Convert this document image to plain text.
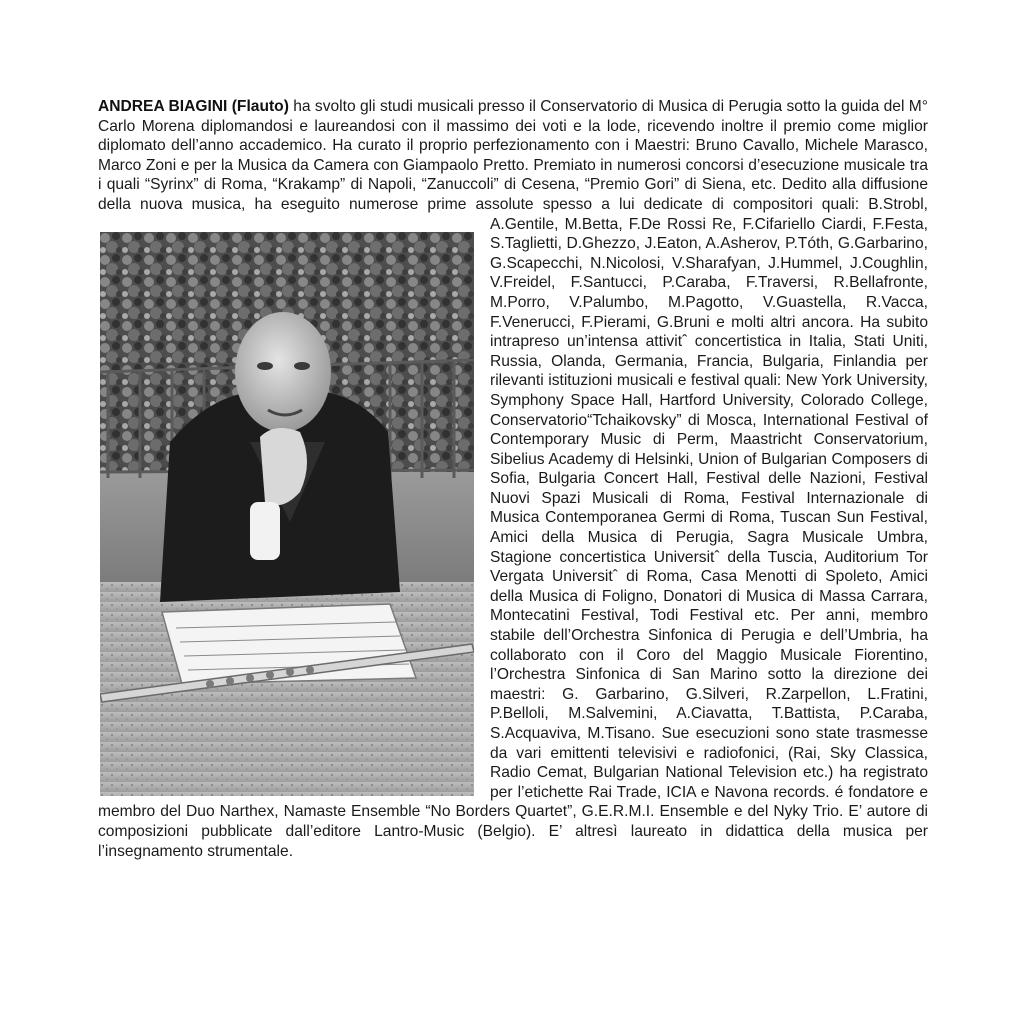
ANDREA BIAGINI (Flauto) ha svolto gli studi musicali presso il Conservatorio di Musica di Perugia sotto la guida del M° Carlo Morena diplomandosi e laureandosi con il massimo dei voti e la lode, ricevendo inoltre il premio come miglior diplomato dell’anno accademico. Ha curato il proprio perfezionamento con i Maestri: Bruno Cavallo, Michele Marasco, Marco Zoni e per la Musica da Camera con Giampaolo Pretto. Premiato in numerosi concorsi d’esecuzione musicale tra i quali “Syrinx” di Roma, “Krakamp” di Napoli, “Zanuccoli” di Cesena, “Premio Gori” di Siena, etc. Dedito alla diffusione della nuova musica, ha eseguito numerose prime assolute spesso a lui dedicate di compositori quali: B.Strobl, A.Gentile, M.Betta, F.De Rossi Re, F.Cifariello
Ciardi, F.Festa, S.Taglietti, D.Ghezzo, J.Eaton, A.Asherov, P.Tóth, G.Garbarino, G.Scapecchi, N.Nicolosi, V.Sharafyan, J.Hummel, J.Coughlin, V.Freidel, F.Santucci, P.Caraba, F.Traversi, R.Bellafronte, M.Porro, V.Palumbo, M.Pagotto, V.Guastella, R.Vacca, F.Venerucci, F.Pierami, G.Bruni e molti altri ancora. Ha subito intrapreso un’intensa attivitˆ concertistica in Italia, Stati Uniti, Russia, Olanda, Germania, Francia, Bulgaria, Finlandia per rilevanti istituzioni musicali e festival quali: New York University, Symphony Space Hall, Hartford University, Colorado College, Conservatorio“Tchaikovsky” di Mosca, International Festival of Contemporary Music di Perm, Maastricht Conservatorium, Sibelius Academy di Helsinki, Union of Bulgarian Composers di Sofia, Bulgaria Concert Hall, Festival delle Nazioni, Festival Nuovi Spazi Musicali di Roma, Festival Internazionale di Musica Contemporanea Germi di Roma, Tuscan Sun Festival, Amici della Musica di Perugia, Sagra Musicale Umbra, Stagione concertistica Universitˆ della Tuscia, Auditorium Tor Vergata Universitˆ di Roma, Casa Menotti di Spoleto, Amici della Musica di Foligno, Donatori di Musica di Massa Carrara, Montecatini Festival, Todi Festival etc. Per anni, membro stabile dell’Orchestra Sinfonica di Perugia e dell’Umbria, ha collaborato con il Coro del Maggio Musicale Fiorentino, l’Orchestra Sinfonica di San Marino sotto la direzione dei maestri: G. Garbarino, G.Silveri, R.Zarpellon, L.Fratini, P.Belloli, M.Salvemini, A.Ciavatta, T.Battista, P.Caraba, S.Acquaviva, M.Tisano. Sue esecuzioni sono state trasmesse da vari emittenti televisivi e radiofonici, (Rai, Sky Classica, Radio Cemat, Bulgarian National Television etc.) ha registrato per l’etichette Rai Trade, ICIA e Navona records. é fondatore e membro del Duo Narthex, Namaste Ensemble “No Borders Quartet”, G.E.R.M.I. Ensemble e del Nyky Trio. E’ autore di composizioni pubblicate dall’editore Lantro-Music (Belgio). E’ altresì laureato in didattica della musica per l’insegnamento strumentale.
